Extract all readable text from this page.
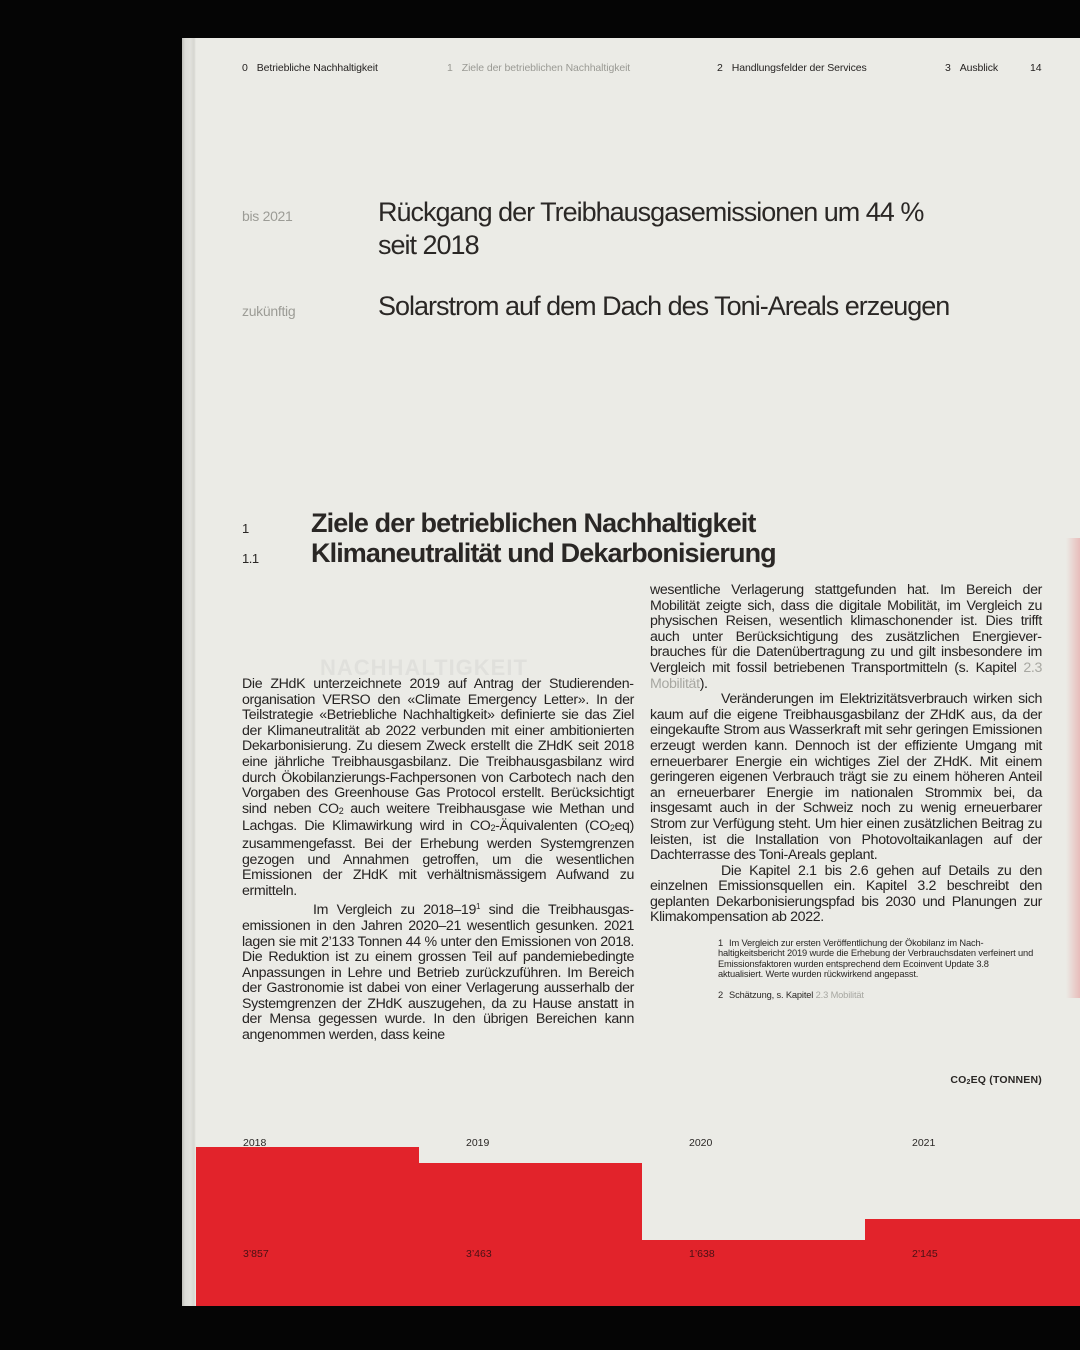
0 Betriebliche Nachhaltigkeit	1 Ziele der betrieblichen Nachhaltigkeit	2 Handlungsfelder der Services	3 Ausblick	14
bis 2021	Rückgang der Treibhausgasemissionen um 44 %
seit 2018
zukünftig	Solarstrom auf dem Dach des Toni-Areals erzeugen
1 Ziele der betrieblichen Nachhaltigkeit
1.1 Klimaneutralität und Dekarbonisierung
NACHHALTIGKEIT

Die ZHdK unterzeichnete 2019 auf Antrag der Studierendenorganisation VERSO den «Climate Emergency Letter». In der Teilstrategie «Betriebliche Nachhaltigkeit» definierte sie das Ziel der Klimaneutralität ab 2022 verbunden mit einer ambitionierten Dekarbonisierung. Zu diesem Zweck erstellt die ZHdK seit 2018 eine jährliche Treibhausgasbilanz. Die Treibhausgasbilanz wird durch Ökobilanzierungs-Fachpersonen von Carbotech nach den Vorgaben des Greenhouse Gas Protocol erstellt. Berücksichtigt sind neben $CO_2$ auch weitere Treibhausgase wie Methan und Lachgas. Die Klimawirkung wird in $CO_2$-Äquivalenten $(CO_2eq)$ zusammengefasst. Bei der Erhebung werden Systemgrenzen gezogen und Annahmen getroffen, um die wesentlichen Emissionen der ZHdK mit verhältnismässigem Aufwand zu ermitteln.

Im Vergleich zu $2018-19^1$ sind die Treibhausgasemissionen in den Jahren 2020–21 wesentlich gesunken. 2021 lagen sie mit 2’133 Tonnen 44 % unter den Emissionen von 2018. Die Reduktion ist zu einem grossen Teil auf pandemiebedingte Anpassungen in Lehre und Betrieb zurückzuführen. Im Bereich der Gastronomie ist dabei von einer Verlagerung ausserhalb der Systemgrenzen der ZHdK auszugehen, da zu Hause anstatt in der Mensa gegessen wurde. In den übrigen Bereichen kann angenommen werden, dass keine

wesentliche Verlagerung stattgefunden hat. Im Bereich der Mobilität zeigte sich, dass die digitale Mobilität, im Vergleich zu physischen Reisen, wesentlich klimaschonender ist. Dies trifft auch unter Berücksichtigung des zusätzlichen Energieverbrauches für die Datenübertragung zu und gilt insbesondere im Vergleich mit fossil betriebenen Transportmitteln (s. Kapitel 2.3 Mobilität).

Veränderungen im Elektrizitätsverbrauch wirken sich kaum auf die eigene Treibhausgasbilanz der ZHdK aus, da der eingekaufte Strom aus Wasserkraft mit sehr geringen Emissionen erzeugt werden kann. Dennoch ist der effiziente Umgang mit erneuerbarer Energie ein wichtiges Ziel der ZHdK. Mit einem geringeren eigenen Verbrauch trägt sie zu einem höheren Anteil an erneuerbarer Energie im nationalen Strommix bei, da insgesamt auch in der Schweiz noch zu wenig erneuerbarer Strom zur Verfügung steht. Um hier einen zusätzlichen Beitrag zu leisten, ist die Installation von Photovoltaikanlagen auf der Dachterrasse des Toni-Areals geplant.

Die Kapitel 2.1 bis 2.6 gehen auf Details zu den einzelnen Emissionsquellen ein. Kapitel 3.2 beschreibt den geplanten Dekarbonisierungspfad bis 2030 und Planungen zur Klimakompensation ab 2022.

1 Im Vergleich zur ersten Veröffentlichung der Ökobilanz im Nachhaltigkeitsbericht 2019 wurde die Erhebung der Verbrauchsdaten verfeinert und Emissionsfaktoren wurden entsprechend dem Ecoinvent Update 3.8 aktualisiert. Werte wurden rückwirkend angepasst.
2 Schätzung, s. Kapitel 2.3 Mobilität
$CO_2EQ$ (TONNEN)
2018	2019	2020	2021
3’857	3’463	1’638	2’145
